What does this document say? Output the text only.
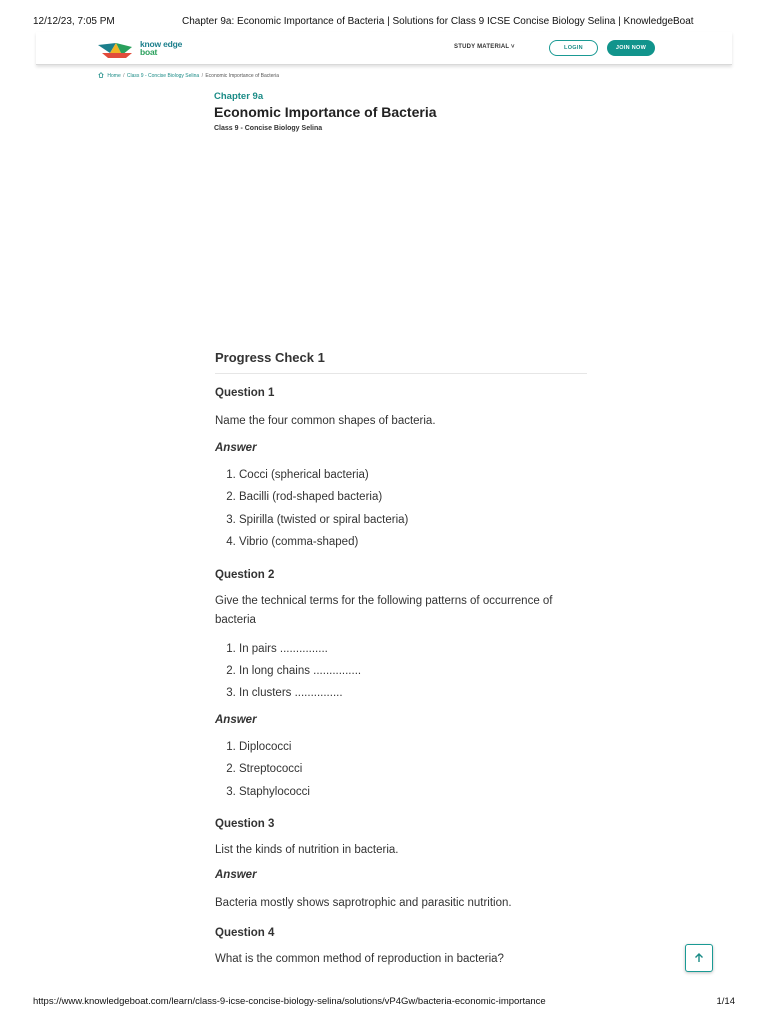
12/12/23, 7:05 PM	Chapter 9a: Economic Importance of Bacteria | Solutions for Class 9 ICSE Concise Biology Selina | KnowledgeBoat
know edge
boat	STUDY MATERIAL ˅	LOGIN	JOIN NOW
Home / Class 9 - Concise Biology Selina / Economic Importance of Bacteria
Chapter 9a
Economic Importance of Bacteria
Class 9 - Concise Biology Selina
Progress Check 1
Question 1

Name the four common shapes of bacteria.

Answer
1. Cocci (spherical bacteria)
2. Bacilli (rod-shaped bacteria)
3. Spirilla (twisted or spiral bacteria)
4. Vibrio (comma-shaped)
Question 2

Give the technical terms for the following patterns of occurrence of bacteria

1. In pairs ...............
2. In long chains ...............
3. In clusters ...............
Answer
1. Diplococci
2. Streptococci
3. Staphylococci
Question 3

List the kinds of nutrition in bacteria.

Answer

Bacteria mostly shows saprotrophic and parasitic nutrition.

Question 4

What is the common method of reproduction in bacteria?

https://www.knowledgeboat.com/learn/class-9-icse-concise-biology-selina/solutions/vP4Gw/bacteria-economic-importance	1/14
